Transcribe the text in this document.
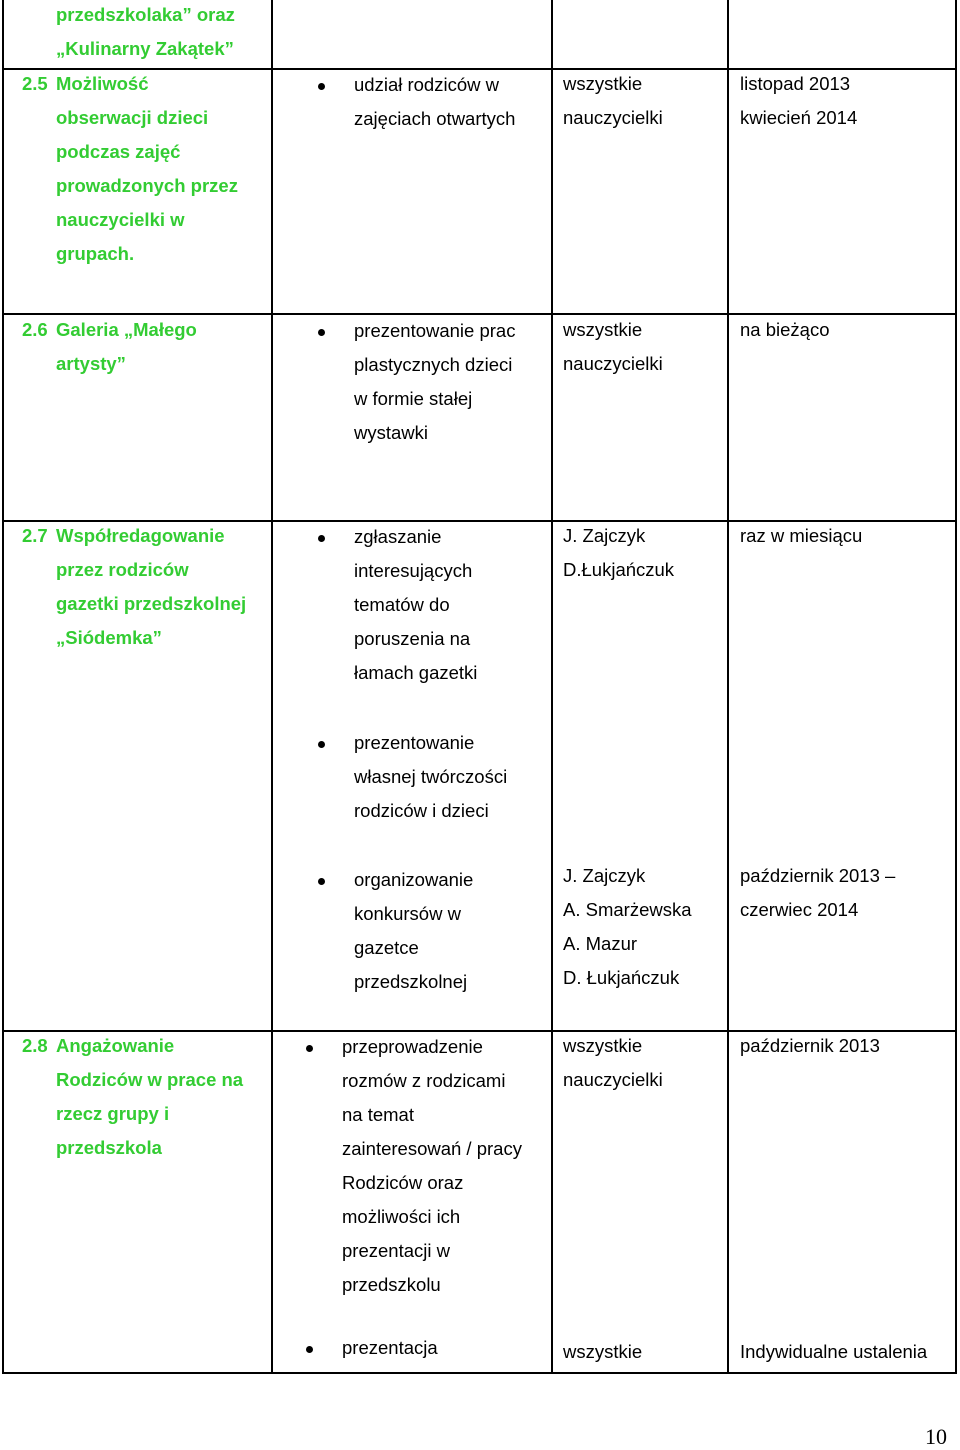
przedszkolaka” oraz
„Kulinarny Zakątek”
2.5 Możliwość
obserwacji dzieci
podczas zajęć
prowadzonych przez
nauczycielki w
grupach.
udział rodziców w
zajęciach otwartych
wszystkie
nauczycielki
listopad 2013
kwiecień 2014
2.6 Galeria „Małego
artysty”
prezentowanie prac
plastycznych dzieci
w formie stałej
wystawki
wszystkie
nauczycielki
na bieżąco
2.7 Współredagowanie
przez rodziców
gazetki przedszkolnej
„Siódemka”
zgłaszanie
interesujących
tematów do
poruszenia na
łamach gazetki
J. Zajczyk
D.Łukjańczuk
raz w miesiącu
prezentowanie
własnej twórczości
rodziców i dzieci
organizowanie
konkursów w
gazetce
przedszkolnej
J. Zajczyk
A. Smarżewska
A. Mazur
D. Łukjańczuk
październik 2013 –
czerwiec 2014
2.8 Angażowanie
Rodziców w prace na
rzecz grupy i
przedszkola
przeprowadzenie
rozmów z rodzicami
na temat
zainteresowań / pracy
Rodziców oraz
możliwości ich
prezentacji w
przedszkolu
wszystkie
nauczycielki
październik 2013
prezentacja	wszystkie	Indywidualne ustalenia
10
